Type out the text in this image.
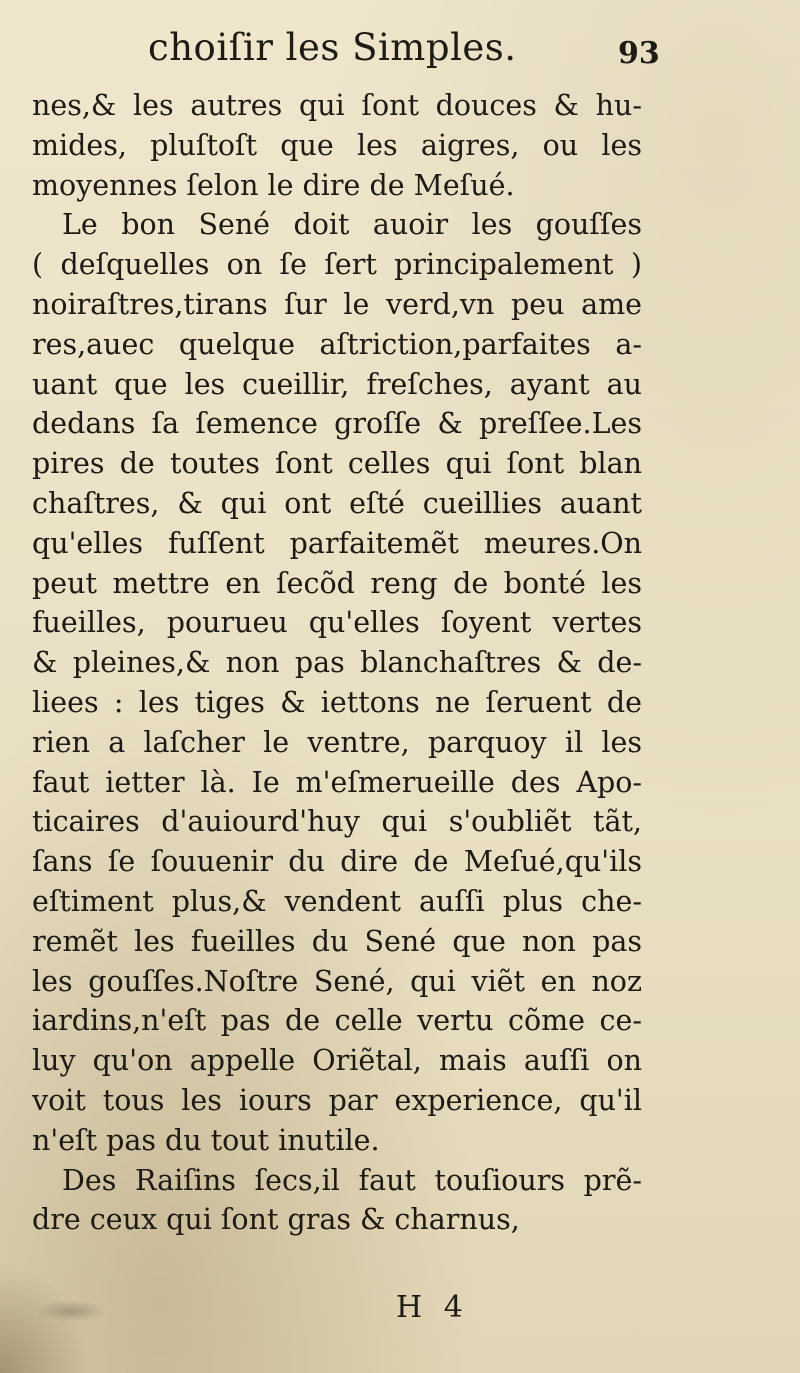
choiſir les Simples.	93
nes,& les autres qui ſont douces & hu-
mides, pluſtoſt que les aigres, ou les
moyennes ſelon le dire de Meſué.
Le bon Sené doit auoir les gouſſes
( deſquelles on ſe ſert principalement )
noiraſtres,tirans ſur le verd,vn peu ame
res,auec quelque aſtriction,parfaites a-
uant que les cueillir, freſches, ayant au
dedans ſa ſemence groſſe & preſſee.Les
pires de toutes ſont celles qui ſont blan
chaſtres, & qui ont eſté cueillies auant
qu'elles fuſſent parfaitemẽt meures.On
peut mettre en ſecõd reng de bonté les
fueilles, pourueu qu'elles ſoyent vertes
& pleines,& non pas blanchaſtres & de-
liees : les tiges & iettons ne ſeruent de
rien a laſcher le ventre, parquoy il les
faut ietter là. Ie m'eſmerueille des Apo-
ticaires d'auiourd'huy qui s'oubliẽt tãt,
ſans ſe ſouuenir du dire de Meſué,qu'ils
eſtiment plus,& vendent auſſi plus che-
remẽt les fueilles du Sené que non pas
les gouſſes.Noſtre Sené, qui viẽt en noz
iardins,n'eſt pas de celle vertu cõme ce-
luy qu'on appelle Oriẽtal, mais auſſi on
voit tous les iours par experience, qu'il
n'eſt pas du tout inutile.
Des Raiſins ſecs,il faut touſiours prẽ-
dre ceux qui ſont gras & charnus,
H 4
